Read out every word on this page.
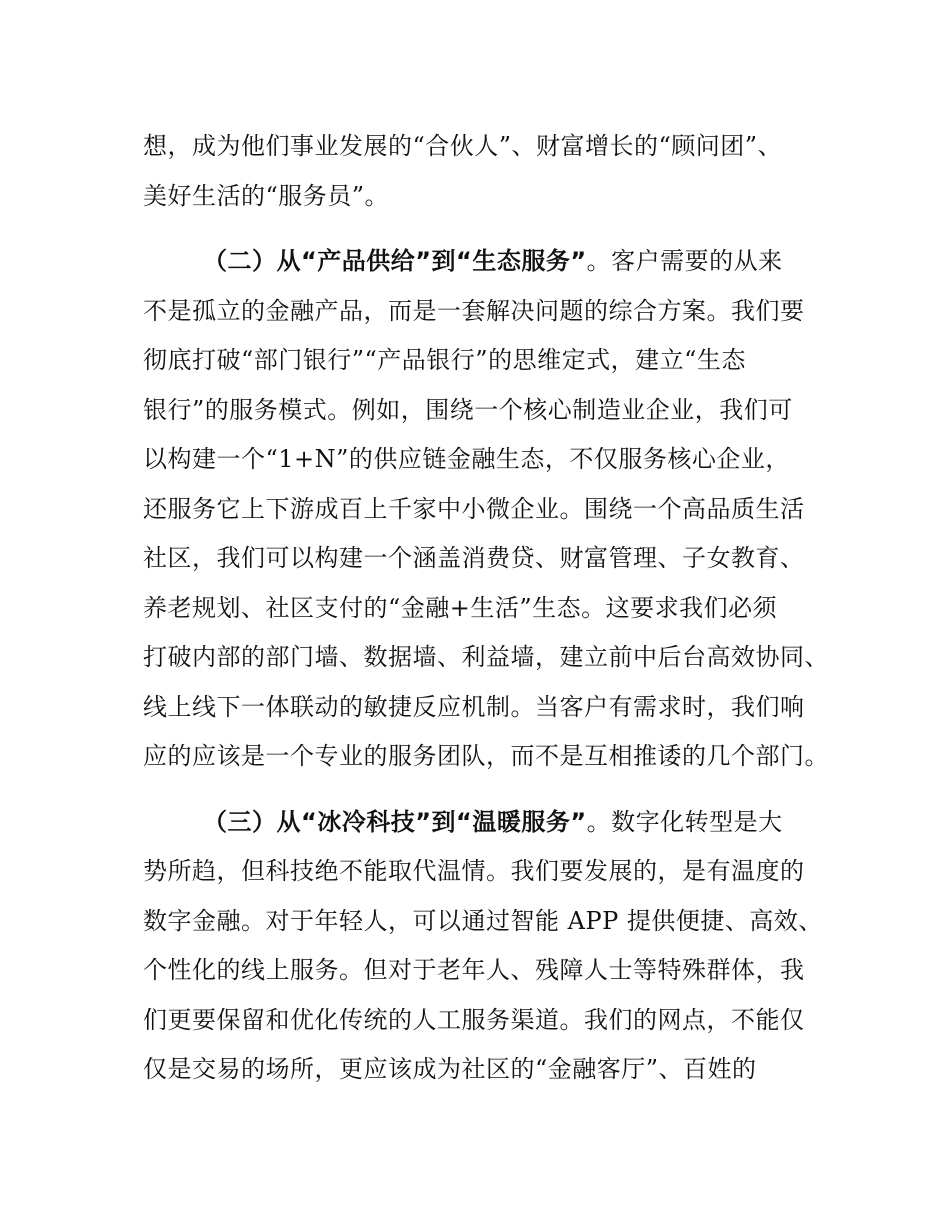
想，成为他们事业发展的“合伙人”、财富增长的“顾问团”、
美好生活的“服务员”。
（二）从“产品供给”到“生态服务”。客户需要的从来
不是孤立的金融产品，而是一套解决问题的综合方案。我们要
彻底打破“部门银行”“产品银行”的思维定式，建立“生态
银行”的服务模式。例如，围绕一个核心制造业企业，我们可
以构建一个“1+N”的供应链金融生态，不仅服务核心企业，
还服务它上下游成百上千家中小微企业。围绕一个高品质生活
社区，我们可以构建一个涵盖消费贷、财富管理、子女教育、
养老规划、社区支付的“金融+生活”生态。这要求我们必须
打破内部的部门墙、数据墙、利益墙，建立前中后台高效协同、
线上线下一体联动的敏捷反应机制。当客户有需求时，我们响
应的应该是一个专业的服务团队，而不是互相推诿的几个部门。
（三）从“冰冷科技”到“温暖服务”。数字化转型是大
势所趋，但科技绝不能取代温情。我们要发展的，是有温度的
数字金融。对于年轻人，可以通过智能 APP 提供便捷、高效、
个性化的线上服务。但对于老年人、残障人士等特殊群体，我
们更要保留和优化传统的人工服务渠道。我们的网点，不能仅
仅是交易的场所，更应该成为社区的“金融客厅”、百姓的
